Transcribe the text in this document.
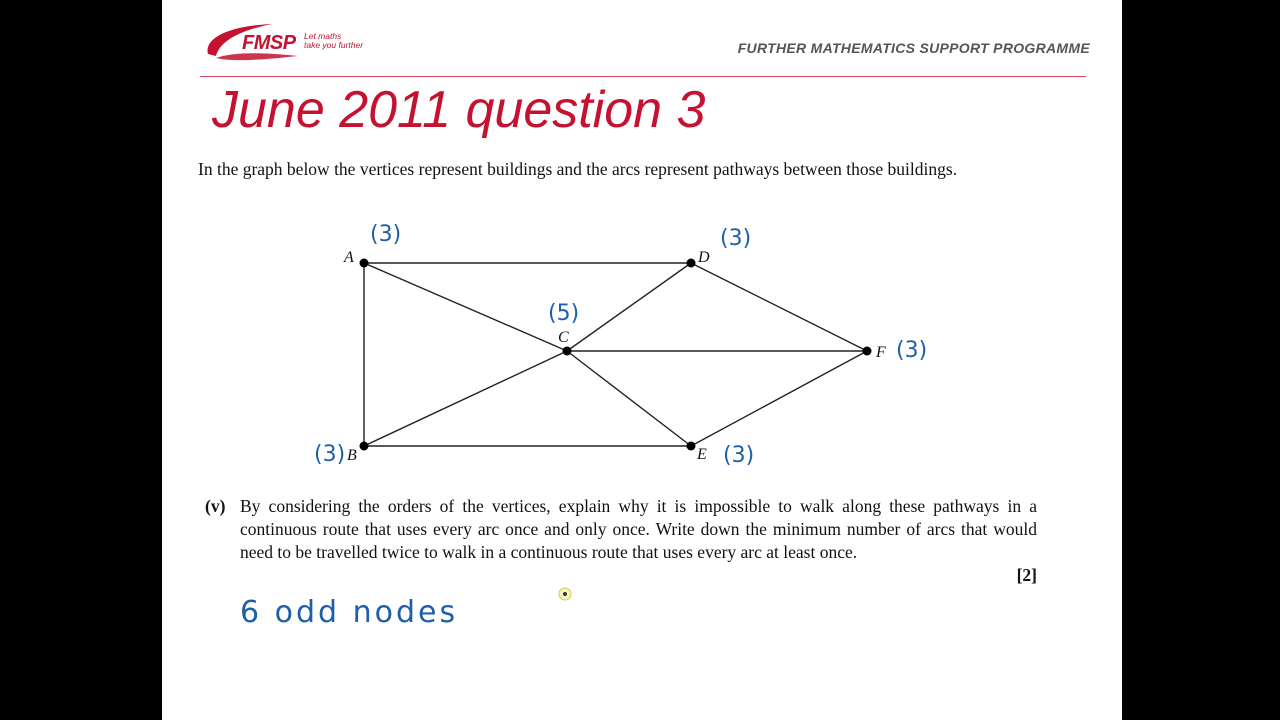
FMSP Let maths
take you further	FURTHER MATHEMATICS SUPPORT PROGRAMME
June 2011 question 3
In the graph below the vertices represent buildings and the arcs represent pathways between those buildings.
A
B
C
D
E
F
(3)
(3)
(5)
(3)
(3)
(3)
6 odd nodes
(v) By considering the orders of the vertices, explain why it is impossible to walk along these pathways in a continuous route that uses every arc once and only once. Write down the minimum number of arcs that would need to be travelled twice to walk in a continuous route that uses every arc at least once.
[2]
